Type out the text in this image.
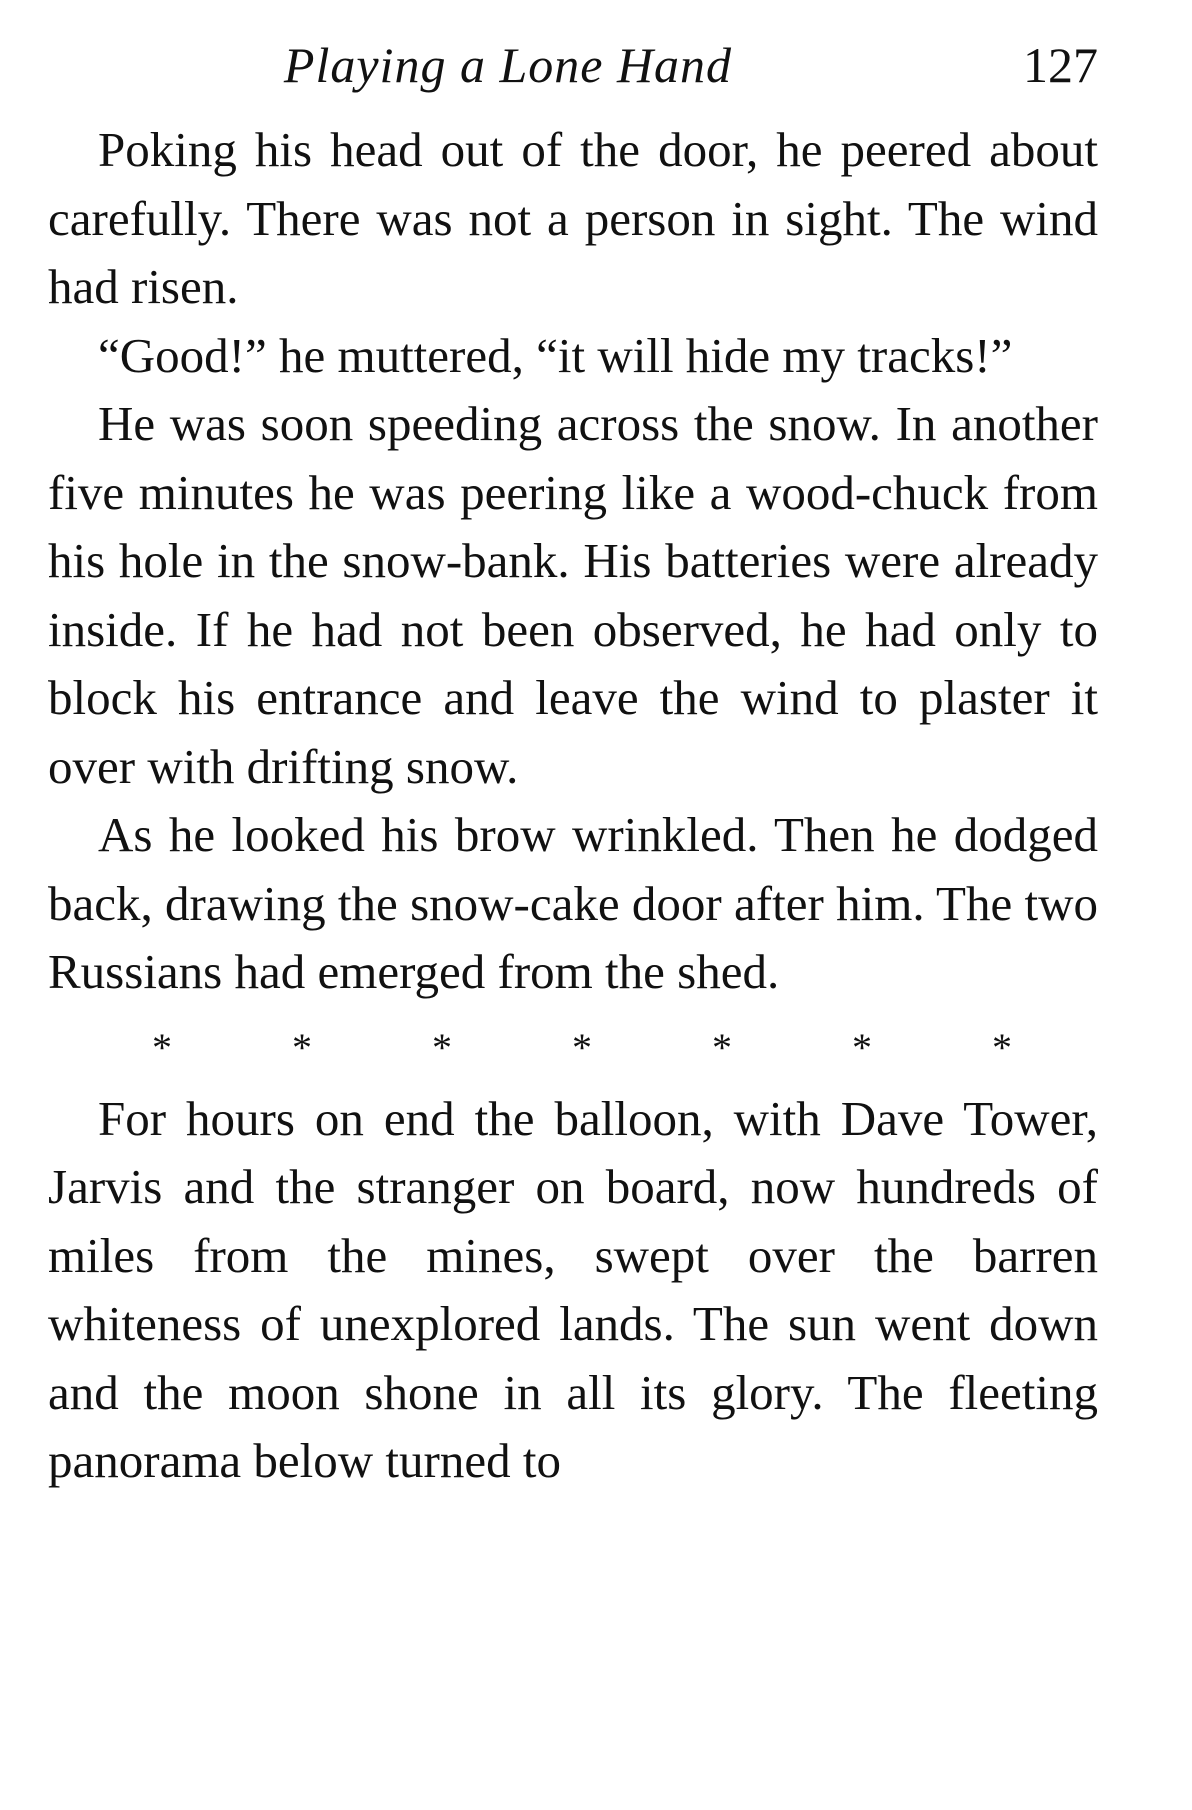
Playing a Lone Hand	127

Poking his head out of the door, he peered about carefully. There was not a person in sight. The wind had risen.

“Good!” he muttered, “it will hide my tracks!”

He was soon speeding across the snow. In another five minutes he was peering like a wood-chuck from his hole in the snow-bank. His batteries were already inside. If he had not been observed, he had only to block his entrance and leave the wind to plaster it over with drifting snow.

As he looked his brow wrinkled. Then he dodged back, drawing the snow-cake door after him. The two Russians had emerged from the shed.

*	*	*	*	*	*	*

For hours on end the balloon, with Dave Tower, Jarvis and the stranger on board, now hundreds of miles from the mines, swept over the barren whiteness of unexplored lands. The sun went down and the moon shone in all its glory. The fleeting panorama below turned to
